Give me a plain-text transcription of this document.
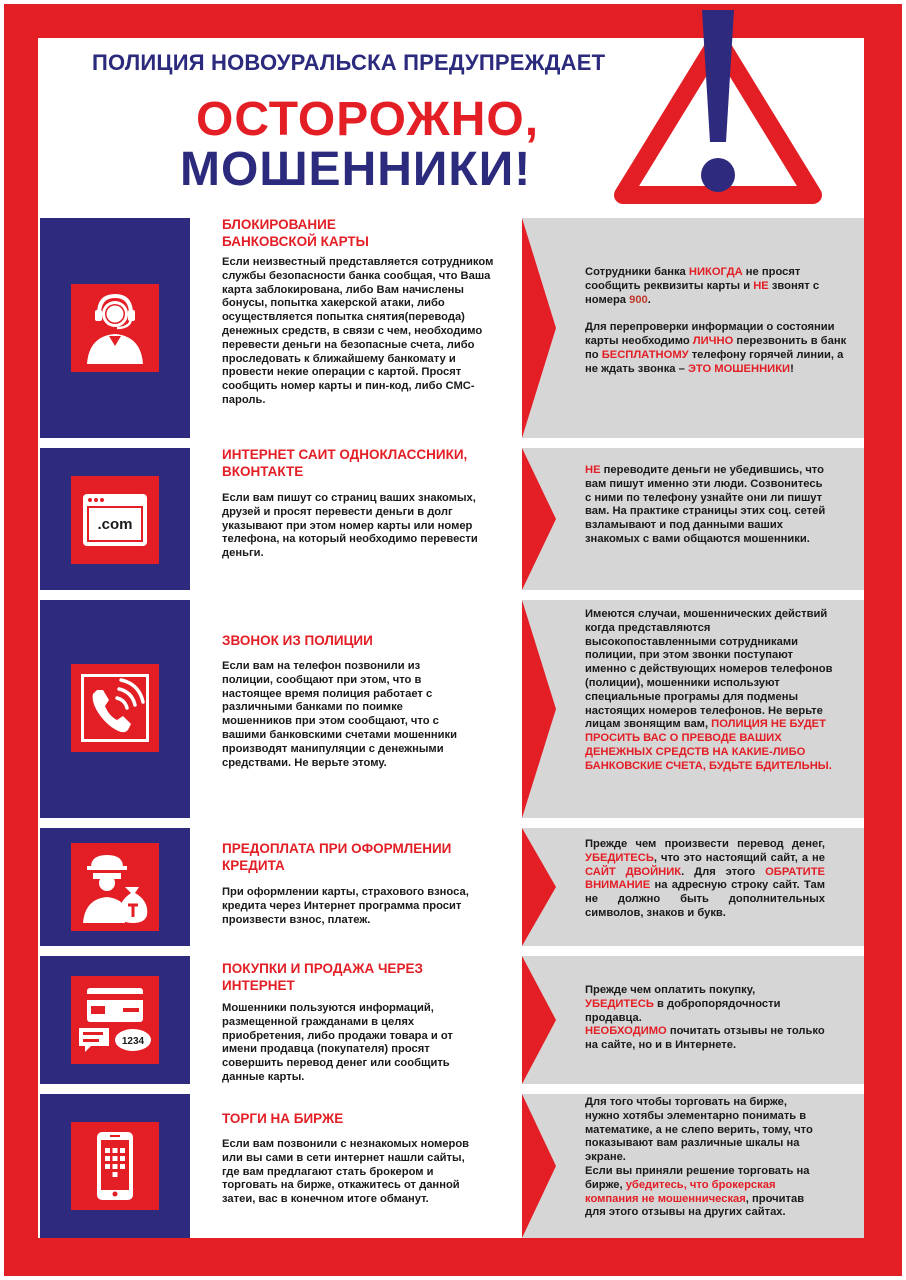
ПОЛИЦИЯ НОВОУРАЛЬСКА ПРЕДУПРЕЖДАЕТ
ОСТОРОЖНО,
МОШЕННИКИ!
БЛОКИРОВАНИЕ БАНКОВСКОЙ КАРТЫ

Если неизвестный представляется сотрудником службы безопасности банка сообщая, что Ваша карта заблокирована, либо Вам начислены бонусы, попытка хакерской атаки, либо осуществляется попытка снятия(перевода) денежных средств, в связи с чем, необходимо перевести деньги на безопасные счета, либо проследовать к ближайшему банкомату и провести некие операции с картой. Просят сообщить номер карты и пин-код, либо СМС-пароль.

Сотрудники банка НИКОГДА не просят сообщить реквизиты карты и НЕ звонят с номера 900.

Для перепроверки информации о состоянии карты необходимо ЛИЧНО перезвонить в банк по БЕСПЛАТНОМУ телефону горячей линии, а не ждать звонка – ЭТО МОШЕННИКИ!

.com
ИНТЕРНЕТ САИТ ОДНОКЛАССНИКИ, ВКОНТАКТЕ

Если вам пишут со страниц ваших знакомых, друзей и просят перевести деньги в долг указывают при этом номер карты или номер телефона, на который необходимо перевести деньги.

НЕ переводите деньги не убедившись, что вам пишут именно эти люди. Созвонитесь с ними по телефону узнайте они ли пишут вам. На практике страницы этих соц. сетей взламывают и под данными ваших знакомых с вами общаются мошенники.
ЗВОНОК ИЗ ПОЛИЦИИ

Если вам на телефон позвонили из полиции, сообщают при этом, что в настоящее время полиция работает с различными банками по поимке мошенников при этом сообщают, что с вашими банковскими счетами мошенники производят манипуляции с денежными средствами. Не верьте этому.

Имеются случаи, мошеннических действий когда представляются высокопоставленными сотрудниками полиции, при этом звонки поступают именно с действующих номеров телефонов (полиции), мошенники используют специальные програмы для подмены настоящих номеров телефонов. Не верьте лицам звонящим вам, ПОЛИЦИЯ НЕ БУДЕТ ПРОСИТЬ ВАС О ПРЕВОДЕ ВАШИХ ДЕНЕЖНЫХ СРЕДСТВ НА КАКИЕ-ЛИБО БАНКОВСКИЕ СЧЕТА, БУДЬТЕ БДИТЕЛЬНЫ.
ПРЕДОПЛАТА ПРИ ОФОРМЛЕНИИ КРЕДИТА

При оформлении карты, страхового взноса, кредита через Интернет программа просит произвести взнос, платеж.

Прежде чем произвести перевод денег, УБЕДИТЕСЬ, что это настоящий сайт, а не САЙТ ДВОЙНИК. Для этого ОБРАТИТЕ ВНИМАНИЕ на адресную строку сайт. Там не должно быть дополнительных символов, знаков и букв.
1234
ПОКУПКИ И ПРОДАЖА ЧЕРЕЗ ИНТЕРНЕТ

Мошенники пользуются информаций, размещенной гражданами в целях приобретения, либо продажи товара и от имени продавца (покупателя) просят совершить перевод денег или сообщить данные карты.

Прежде чем оплатить покупку, УБЕДИТЕСЬ в добропорядочности продавца.

НЕОБХОДИМО почитать отзывы не только на сайте, но и в Интернете.

ТОРГИ НА БИРЖЕ

Если вам позвонили с незнакомых номеров или вы сами в сети интернет нашли сайты, где вам предлагают стать брокером и торговать на бирже, откажитесь от данной затеи, вас в конечном итоге обманут.

Для того чтобы торговать на бирже, нужно хотябы элементарно понимать в математике, а не слепо верить, тому, что показывают вам различные шкалы на экране.

Если вы приняли решение торговать на бирже, убедитесь, что брокерская компания не мошенническая, прочитав для этого отзывы на других сайтах.
